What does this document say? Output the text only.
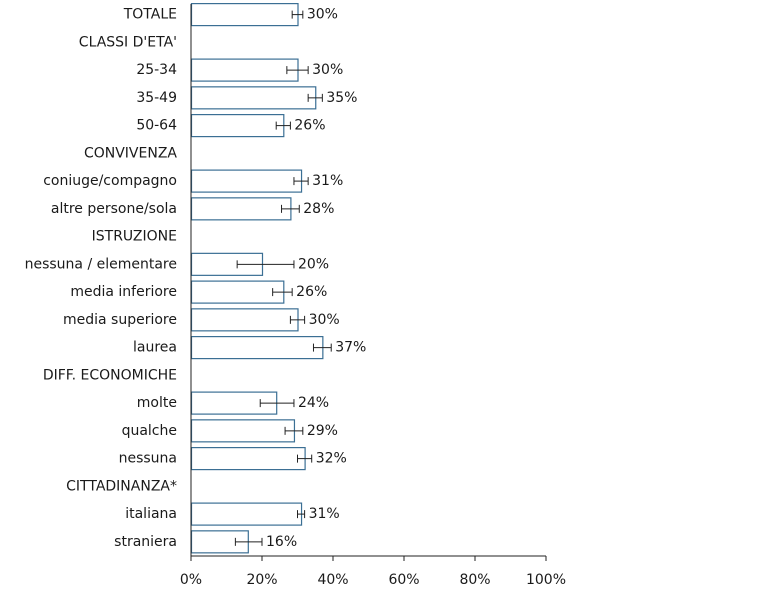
TOTALE	30%
CLASSI D'ETA'
25-34	30%
35-49	35%
50-64	26%
CONVIVENZA
coniuge/compagno	31%
altre persone/sola	28%
ISTRUZIONE
nessuna / elementare	20%
media inferiore	26%
media superiore	30%
laurea	37%
DIFF. ECONOMICHE
molte	24%
qualche	29%
nessuna	32%
CITTADINANZA*
italiana	31%
straniera	16%
0%	20%	40%	60%	80%	100%
